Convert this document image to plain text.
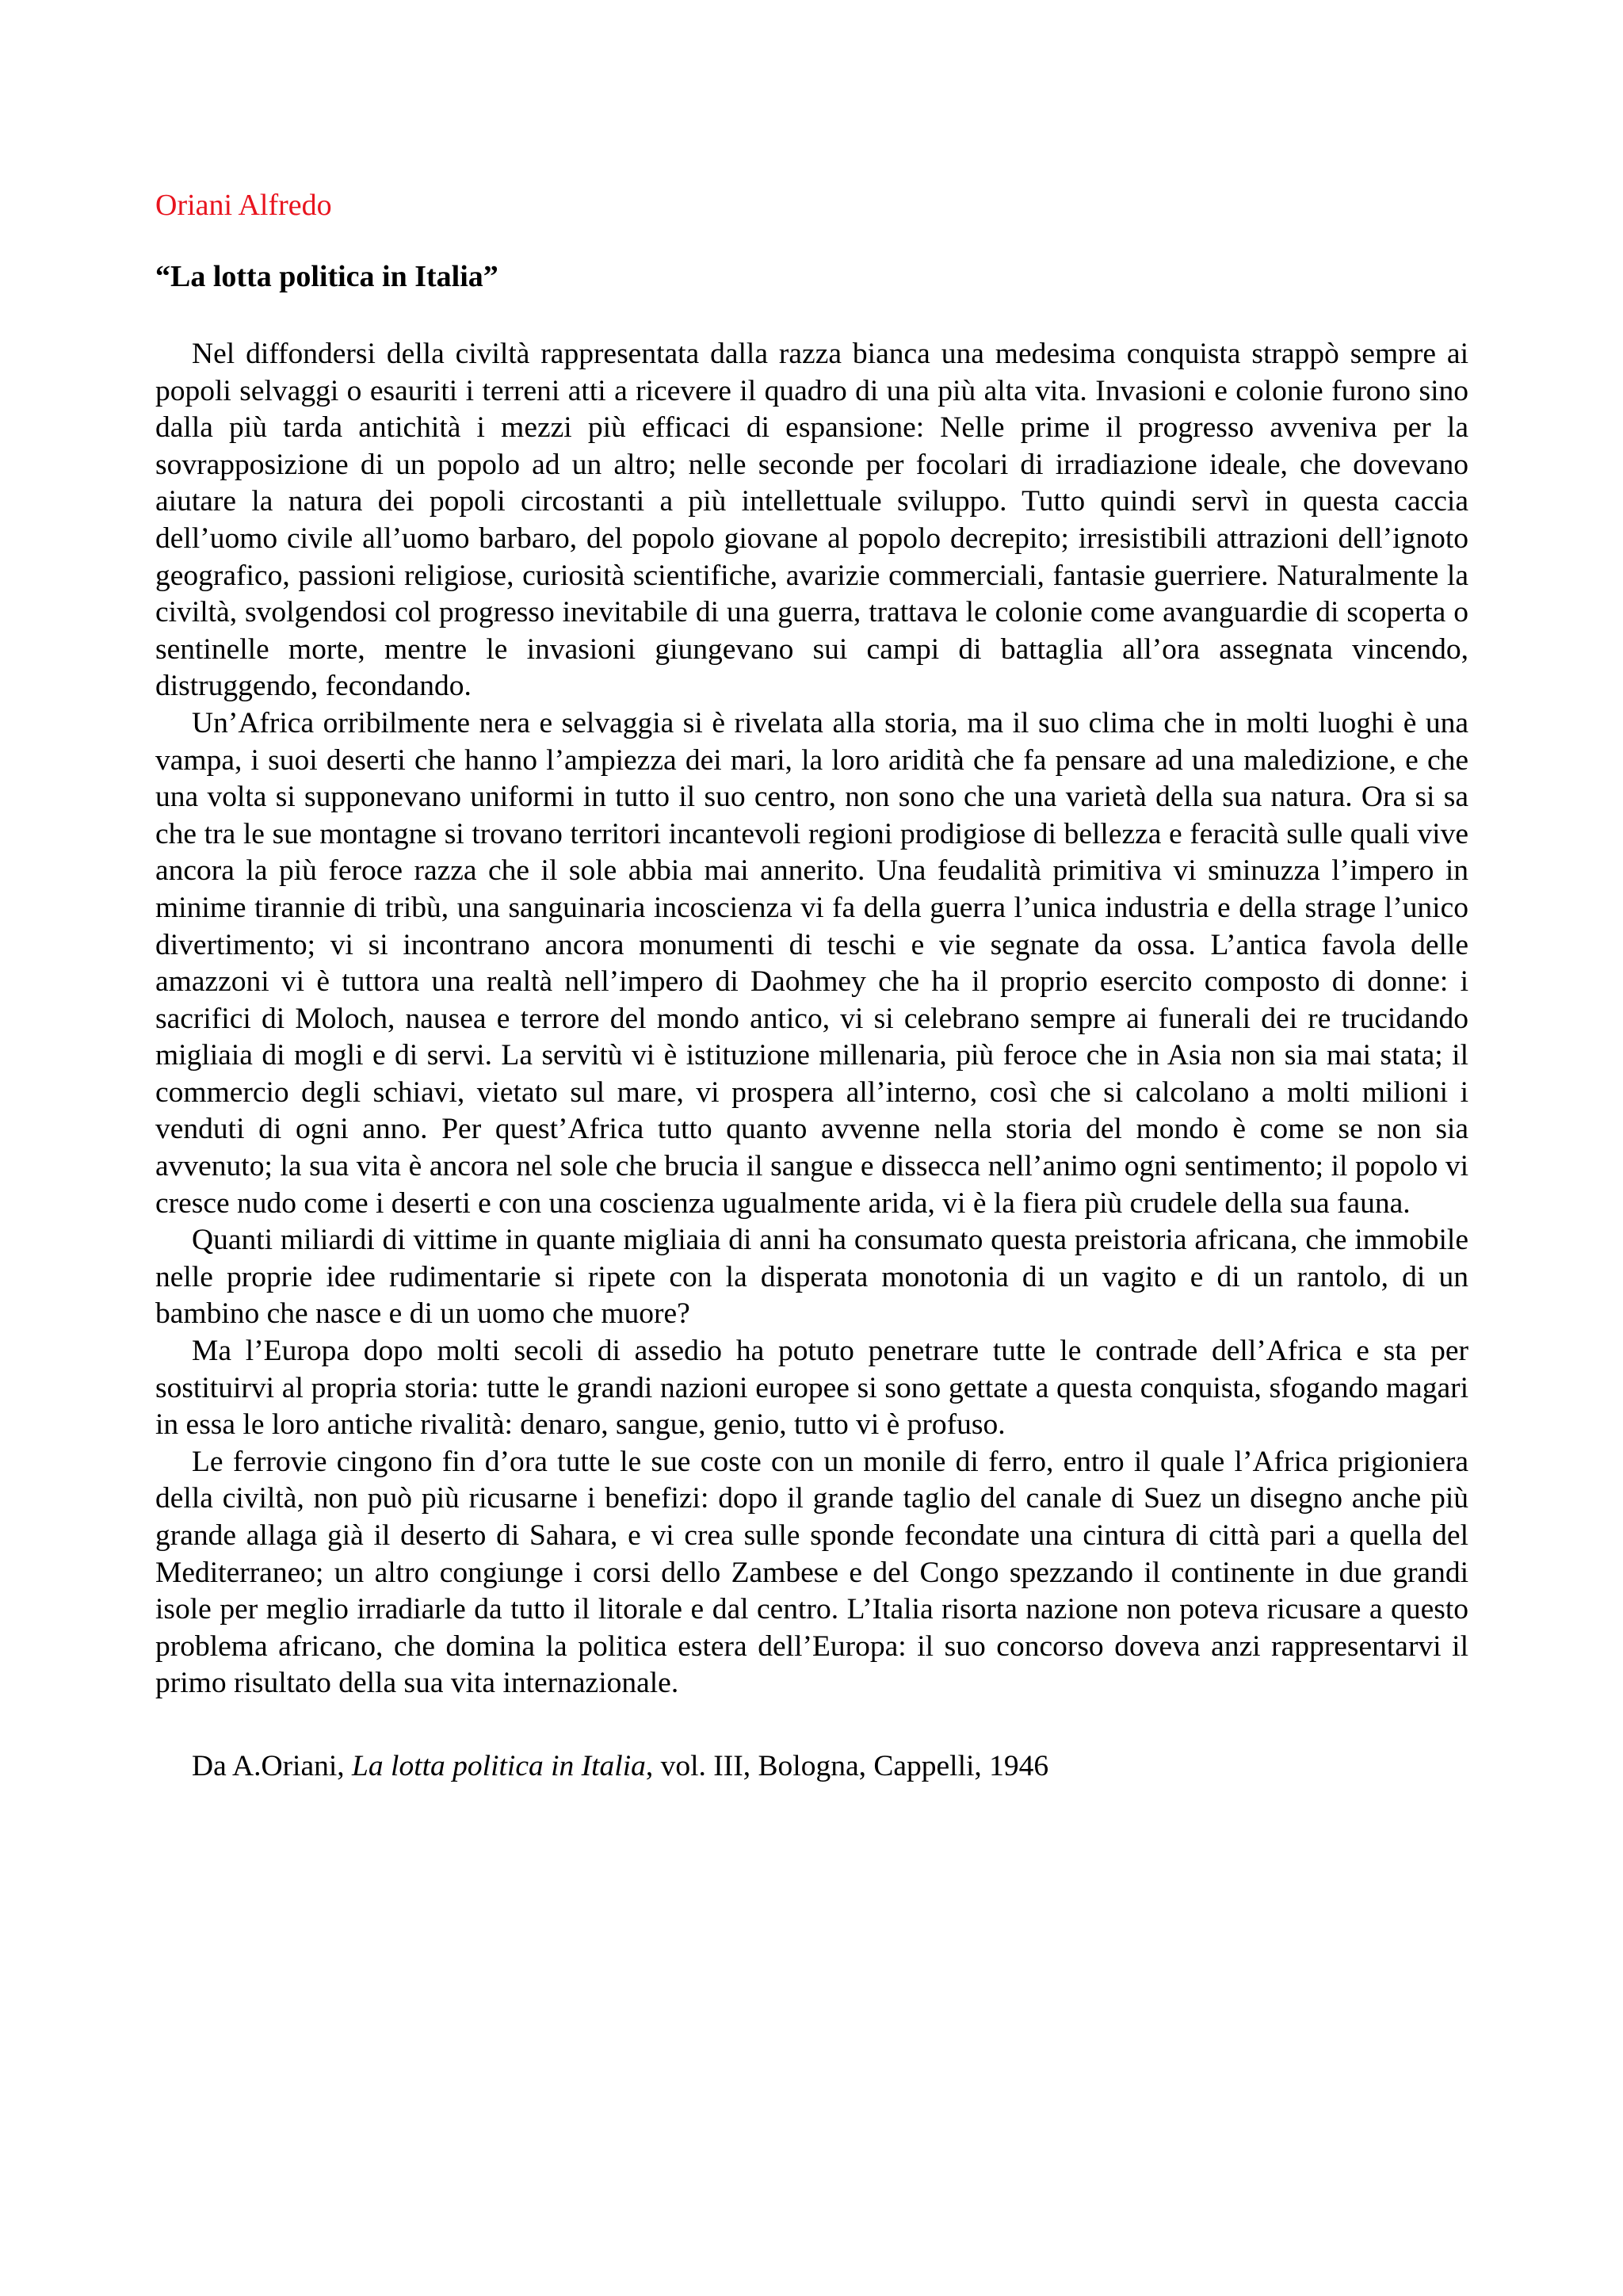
Oriani Alfredo

“La lotta politica in Italia”

Nel diffondersi della civiltà rappresentata dalla razza bianca una medesima conquista strappò sempre ai popoli selvaggi o esauriti i terreni atti a ricevere il quadro di una più alta vita. Invasioni e colonie furono sino dalla più tarda antichità i mezzi più efficaci di espansione: Nelle prime il progresso avveniva per la sovrapposizione di un popolo ad un altro; nelle seconde per focolari di irradiazione ideale, che dovevano aiutare la natura dei popoli circostanti a più intellettuale sviluppo. Tutto quindi servì in questa caccia dell’uomo civile all’uomo barbaro, del popolo giovane al popolo decrepito; irresistibili attrazioni dell’ignoto geografico, passioni religiose, curiosità scientifiche, avarizie commerciali, fantasie guerriere. Naturalmente la civiltà, svolgendosi col progresso inevitabile di una guerra, trattava le colonie come avanguardie di scoperta o sentinelle morte, mentre le invasioni giungevano sui campi di battaglia all’ora assegnata vincendo, distruggendo, fecondando.

Un’Africa orribilmente nera e selvaggia si è rivelata alla storia, ma il suo clima che in molti luoghi è una vampa, i suoi deserti che hanno l’ampiezza dei mari, la loro aridità che fa pensare ad una maledizione, e che una volta si supponevano uniformi in tutto il suo centro, non sono che una varietà della sua natura. Ora si sa che tra le sue montagne si trovano territori incantevoli regioni prodigiose di bellezza e feracità sulle quali vive ancora la più feroce razza che il sole abbia mai annerito. Una feudalità primitiva vi sminuzza l’impero in minime tirannie di tribù, una sanguinaria incoscienza vi fa della guerra l’unica industria e della strage l’unico divertimento; vi si incontrano ancora monumenti di teschi e vie segnate da ossa. L’antica favola delle amazzoni vi è tuttora una realtà nell’impero di Daohmey che ha il proprio esercito composto di donne: i sacrifici di Moloch, nausea e terrore del mondo antico, vi si celebrano sempre ai funerali dei re trucidando migliaia di mogli e di servi. La servitù vi è istituzione millenaria, più feroce che in Asia non sia mai stata; il commercio degli schiavi, vietato sul mare, vi prospera all’interno, così che si calcolano a molti milioni i venduti di ogni anno. Per quest’Africa tutto quanto avvenne nella storia del mondo è come se non sia avvenuto; la sua vita è ancora nel sole che brucia il sangue e dissecca nell’animo ogni sentimento; il popolo vi cresce nudo come i deserti e con una coscienza ugualmente arida, vi è la fiera più crudele della sua fauna.

Quanti miliardi di vittime in quante migliaia di anni ha consumato questa preistoria africana, che immobile nelle proprie idee rudimentarie si ripete con la disperata monotonia di un vagito e di un rantolo, di un bambino che nasce e di un uomo che muore?

Ma l’Europa dopo molti secoli di assedio ha potuto penetrare tutte le contrade dell’Africa e sta per sostituirvi al propria storia: tutte le grandi nazioni europee si sono gettate a questa conquista, sfogando magari in essa le loro antiche rivalità: denaro, sangue, genio, tutto vi è profuso.

Le ferrovie cingono fin d’ora tutte le sue coste con un monile di ferro, entro il quale l’Africa prigioniera della civiltà, non può più ricusarne i benefizi: dopo il grande taglio del canale di Suez un disegno anche più grande allaga già il deserto di Sahara, e vi crea sulle sponde fecondate una cintura di città pari a quella del Mediterraneo; un altro congiunge i corsi dello Zambese e del Congo spezzando il continente in due grandi isole per meglio irradiarle da tutto il litorale e dal centro. L’Italia risorta nazione non poteva ricusare a questo problema africano, che domina la politica estera dell’Europa: il suo concorso doveva anzi rappresentarvi il primo risultato della sua vita internazionale.

Da A.Oriani, La lotta politica in Italia, vol. III, Bologna, Cappelli, 1946
